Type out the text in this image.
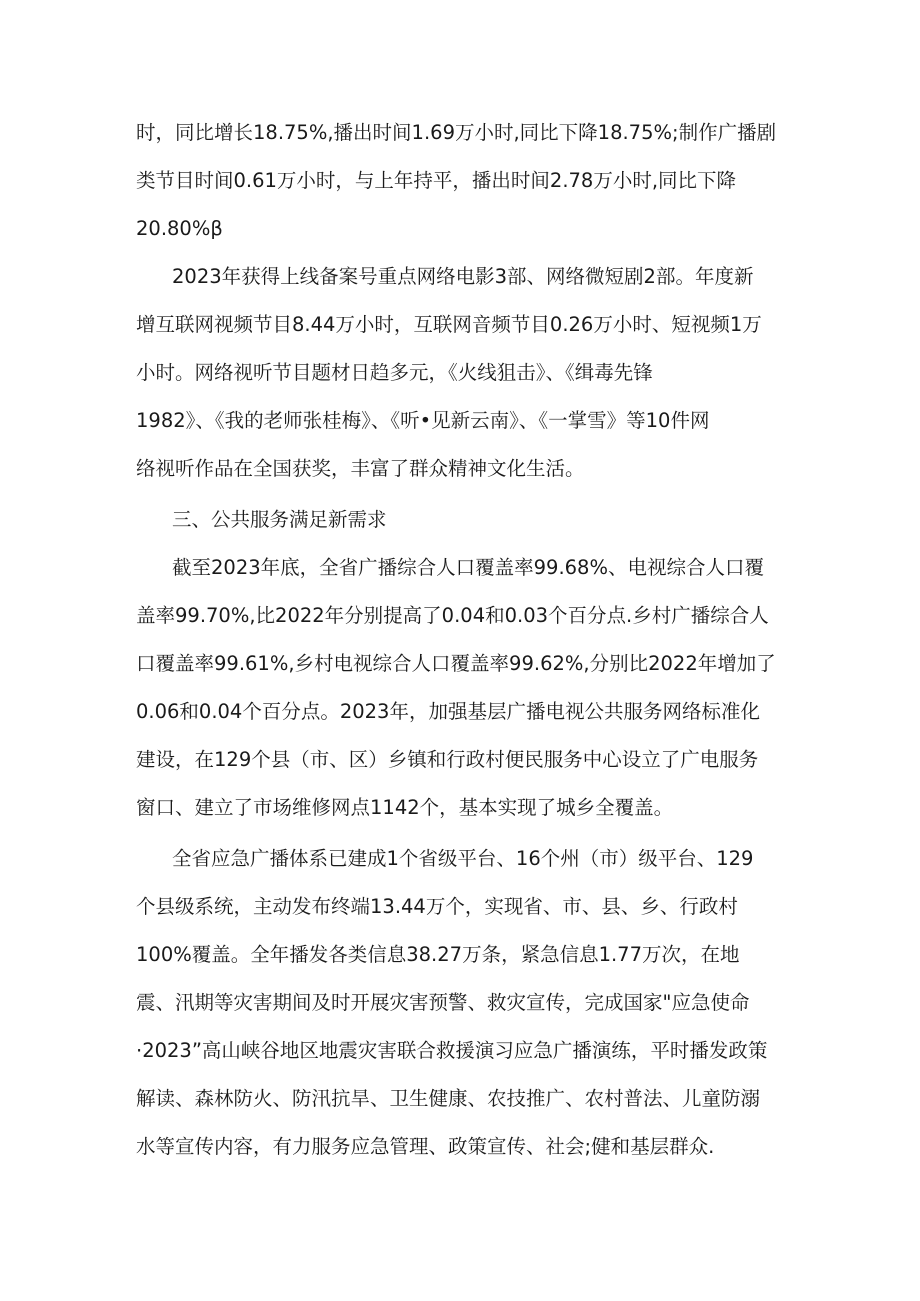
时，同比增长18.75%,播出时间1.69万小时,同比下降18.75%;制作广播剧
类节目时间0.61万小时，与上年持平，播出时间2.78万小时,同比下降
20.80%β
2023年获得上线备案号重点网络电影3部、网络微短剧2部。年度新
增互联网视频节目8.44万小时，互联网音频节目0.26万小时、短视频1万
小时。网络视听节目题材日趋多元，《火线狙击》、《缉毒先锋
1982》、《我的老师张桂梅》、《听•见新云南》、《一掌雪》等10件网
络视听作品在全国获奖，丰富了群众精神文化生活。
三、公共服务满足新需求
截至2023年底，全省广播综合人口覆盖率99.68%、电视综合人口覆
盖率99.70%,比2022年分别提高了0.04和0.03个百分点.乡村广播综合人
口覆盖率99.61%,乡村电视综合人口覆盖率99.62%,分别比2022年增加了
0.06和0.04个百分点。2023年，加强基层广播电视公共服务网络标准化
建设，在129个县（市、区）乡镇和行政村便民服务中心设立了广电服务
窗口、建立了市场维修网点1142个，基本实现了城乡全覆盖。
全省应急广播体系已建成1个省级平台、16个州（市）级平台、129
个县级系统，主动发布终端13.44万个，实现省、市、县、乡、行政村
100%覆盖。全年播发各类信息38.27万条，紧急信息1.77万次，在地
震、汛期等灾害期间及时开展灾害预警、救灾宣传，完成国家"应急使命
·2023”高山峡谷地区地震灾害联合救援演习应急广播演练，平时播发政策
解读、森林防火、防汛抗旱、卫生健康、农技推广、农村普法、儿童防溺
水等宣传内容，有力服务应急管理、政策宣传、社会;健和基层群众.
